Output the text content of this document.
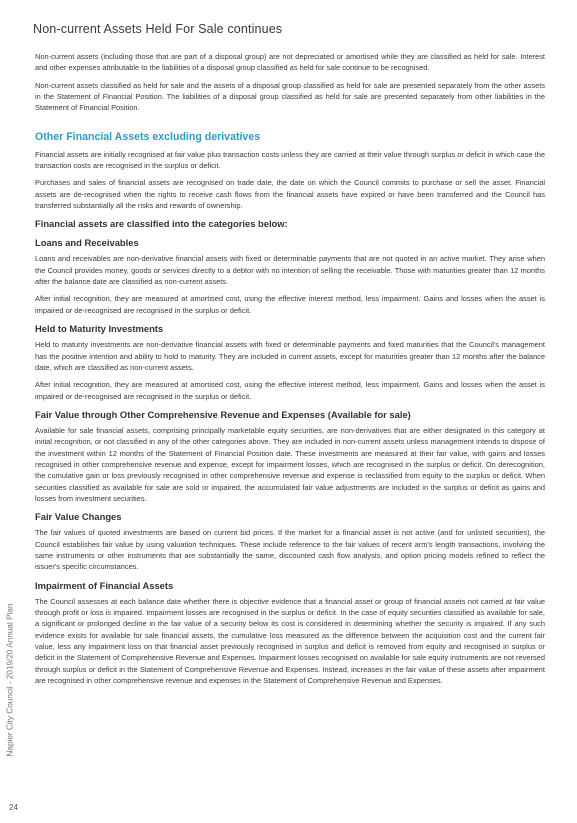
Non-current Assets Held For Sale continues

Non-current assets (including those that are part of a disposal group) are not depreciated or amortised while they are classified as held for sale. Interest and other expenses attributable to the liabilities of a disposal group classified as held for sale continue to be recognised.

Non-current assets classified as held for sale and the assets of a disposal group classified as held for sale are presented separately from the other assets in the Statement of Financial Position. The liabilities of a disposal group classified as held for sale are presented separately from other liabilities in the Statement of Financial Position.

Other Financial Assets excluding derivatives

Financial assets are initially recognised at fair value plus transaction costs unless they are carried at their value through surplus or deficit in which case the transaction costs are recognised in the surplus or deficit.

Purchases and sales of financial assets are recognised on trade date, the date on which the Council commits to purchase or sell the asset. Financial assets are de-recognised when the rights to receive cash flows from the financial assets have expired or have been transferred and the Council has transferred substantially all the risks and rewards of ownership.

Financial assets are classified into the categories below:
Loans and Receivables

Loans and receivables are non-derivative financial assets with fixed or determinable payments that are not quoted in an active market. They arise when the Council provides money, goods or services directly to a debtor with no intention of selling the receivable. Those with maturities greater than 12 months after the balance date are classified as non-current assets.

After initial recognition, they are measured at amortised cost, using the effective interest method, less impairment. Gains and losses when the asset is impaired or de-recognised are recognised in the surplus or deficit.

Held to Maturity Investments

Held to maturity investments are non-derivative financial assets with fixed or determinable payments and fixed maturities that the Council's management has the positive intention and ability to hold to maturity. They are included in current assets, except for maturities greater than 12 months after the balance date, which are classified as non-current assets.

After initial recognition, they are measured at amortised cost, using the effective interest method, less impairment. Gains and losses when the asset is impaired or de-recognised are recognised in the surplus or deficit.

Fair Value through Other Comprehensive Revenue and Expenses (Available for sale)

Available for sale financial assets, comprising principally marketable equity securities, are non-derivatives that are either designated in this category at initial recognition, or not classified in any of the other categories above. They are included in non-current assets unless management intends to dispose of the investment within 12 months of the Statement of Financial Position date. These investments are measured at their fair value, with gains and losses recognised in other comprehensive revenue and expense, except for impairment losses, which are recognised in the surplus or deficit. On derecognition, the cumulative gain or loss previously recognised in other comprehensive revenue and expense is reclassified from equity to the surplus or deficit. When securities classified as available for sale are sold or impaired, the accumulated fair value adjustments are included in the surplus or deficit as gains and losses from investment securities.

Fair Value Changes

The fair values of quoted investments are based on current bid prices. If the market for a financial asset is not active (and for unlisted securities), the Council establishes fair value by using valuation techniques. These include reference to the fair values of recent arm's length transactions, involving the same instruments or other instruments that are substantially the same, discounted cash flow analysis, and option pricing models refined to reflect the issuer's specific circumstances.

Impairment of Financial Assets

The Council assesses at each balance date whether there is objective evidence that a financial asset or group of financial assets not carried at fair value through profit or loss is impaired. Impairment losses are recognised in the surplus or deficit. In the case of equity securities classified as available for sale, a significant or prolonged decline in the fair value of a security below its cost is considered in determining whether the security is impaired. If any such evidence exists for available for sale financial assets, the cumulative loss measured as the difference between the acquisition cost and the current fair value, less any impairment loss on that financial asset previously recognised in surplus and deficit is removed from equity and recognised in surplus or deficit in the Statement of Comprehensive Revenue and Expenses. Impairment losses recognised on available for sale equity instruments are not reversed through surplus or deficit in the Statement of Comprehensive Revenue and Expenses. Instead, increases in the fair value of these assets after impairment are recognised in other comprehensive revenue and expenses in the Statement of Comprehensive Revenue and Expenses.

Napier City Council - 2019/20 Annual Plan
24
